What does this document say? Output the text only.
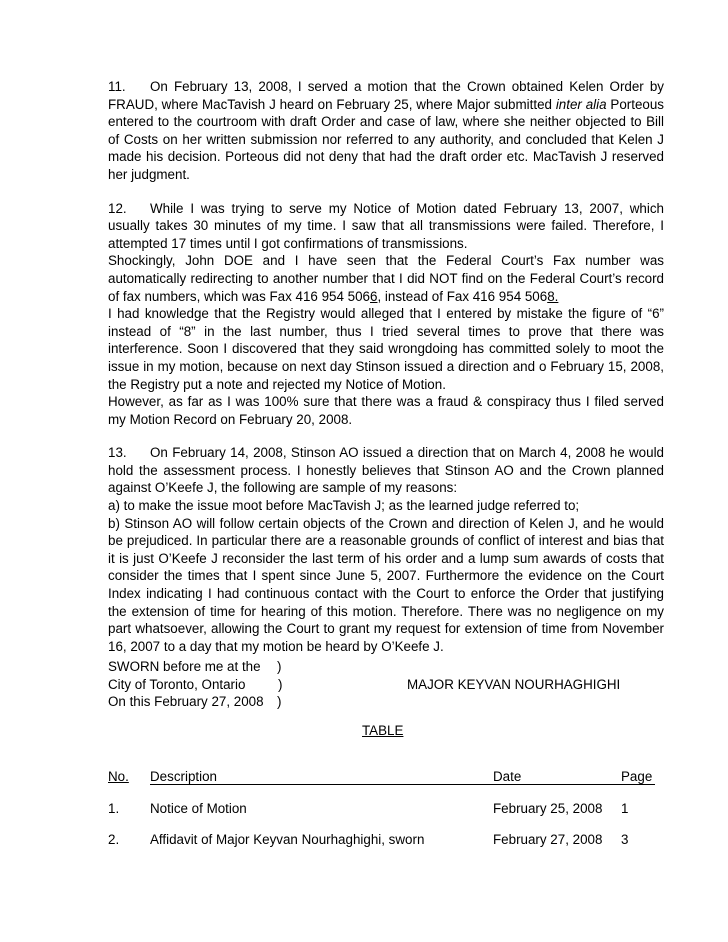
11. On February 13, 2008, I served a motion that the Crown obtained Kelen Order by FRAUD, where MacTavish J heard on February 25, where Major submitted inter alia Porteous entered to the courtroom with draft Order and case of law, where she neither objected to Bill of Costs on her written submission nor referred to any authority, and concluded that Kelen J made his decision. Porteous did not deny that had the draft order etc. MacTavish J reserved her judgment.

12. While I was trying to serve my Notice of Motion dated February 13, 2007, which usually takes 30 minutes of my time. I saw that all transmissions were failed. Therefore, I attempted 17 times until I got confirmations of transmissions.

Shockingly, John DOE and I have seen that the Federal Court’s Fax number was automatically redirecting to another number that I did NOT find on the Federal Court’s record of fax numbers, which was Fax 416 954 5066, instead of Fax 416 954 5068.

I had knowledge that the Registry would alleged that I entered by mistake the figure of “6” instead of “8” in the last number, thus I tried several times to prove that there was interference. Soon I discovered that they said wrongdoing has committed solely to moot the issue in my motion, because on next day Stinson issued a direction and o February 15, 2008, the Registry put a note and rejected my Notice of Motion.

However, as far as I was 100% sure that there was a fraud & conspiracy thus I filed served my Motion Record on February 20, 2008.

13. On February 14, 2008, Stinson AO issued a direction that on March 4, 2008 he would hold the assessment process. I honestly believes that Stinson AO and the Crown planned against O’Keefe J, the following are sample of my reasons:

a) to make the issue moot before MacTavish J; as the learned judge referred to;

b) Stinson AO will follow certain objects of the Crown and direction of Kelen J, and he would be prejudiced. In particular there are a reasonable grounds of conflict of interest and bias that it is just O’Keefe J reconsider the last term of his order and a lump sum awards of costs that consider the times that I spent since June 5, 2007. Furthermore the evidence on the Court Index indicating I had continuous contact with the Court to enforce the Order that justifying the extension of time for hearing of this motion. Therefore. There was no negligence on my part whatsoever, allowing the Court to grant my request for extension of time from November 16, 2007 to a day that my motion be heard by O’Keefe J.

SWORN before me at the )
City of Toronto, Ontario )	MAJOR KEYVAN NOURHAGHIGHI
On this February 27, 2008 )
TABLE
No. Description	Date	Page
1. Notice of Motion	February 25, 2008 1
2. Affidavit of Major Keyvan Nourhaghighi, sworn	February 27, 2008 3
